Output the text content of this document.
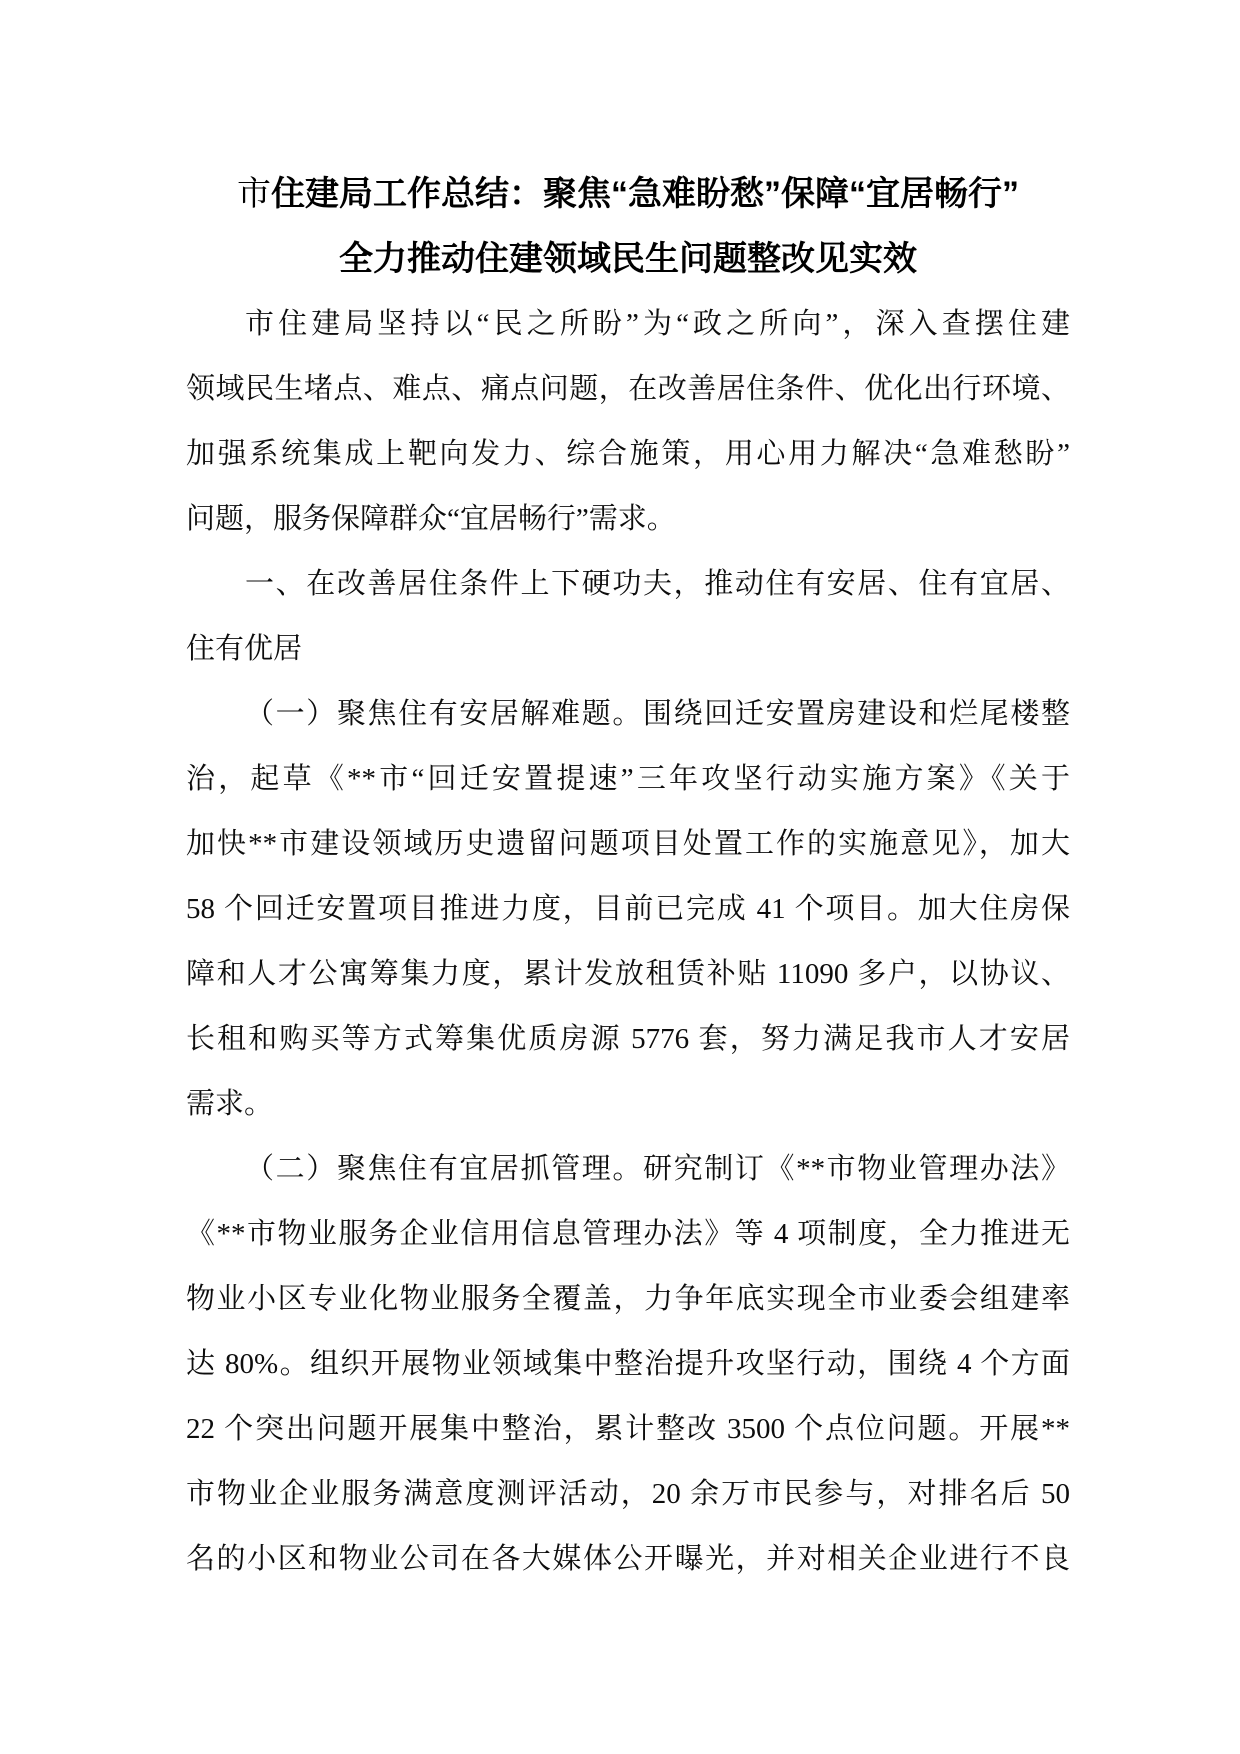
市住建局工作总结：聚焦“急难盼愁”保障“宜居畅行”
全力推动住建领域民生问题整改见实效
市住建局坚持以“民之所盼”为“政之所向”，深入查摆住建
领域民生堵点、难点、痛点问题，在改善居住条件、优化出行环境、
加强系统集成上靶向发力、综合施策，用心用力解决“急难愁盼”
问题，服务保障群众“宜居畅行”需求。
一、在改善居住条件上下硬功夫，推动住有安居、住有宜居、
住有优居
（一）聚焦住有安居解难题。围绕回迁安置房建设和烂尾楼整
治，起草《**市“回迁安置提速”三年攻坚行动实施方案》《关于
加快**市建设领域历史遗留问题项目处置工作的实施意见》，加大
58 个回迁安置项目推进力度，目前已完成 41 个项目。加大住房保
障和人才公寓筹集力度，累计发放租赁补贴 11090 多户，以协议、
长租和购买等方式筹集优质房源 5776 套，努力满足我市人才安居
需求。
（二）聚焦住有宜居抓管理。研究制订《**市物业管理办法》
《**市物业服务企业信用信息管理办法》等 4 项制度，全力推进无
物业小区专业化物业服务全覆盖，力争年底实现全市业委会组建率
达 80%。组织开展物业领域集中整治提升攻坚行动，围绕 4 个方面
22 个突出问题开展集中整治，累计整改 3500 个点位问题。开展**
市物业企业服务满意度测评活动，20 余万市民参与，对排名后 50
名的小区和物业公司在各大媒体公开曝光，并对相关企业进行不良
